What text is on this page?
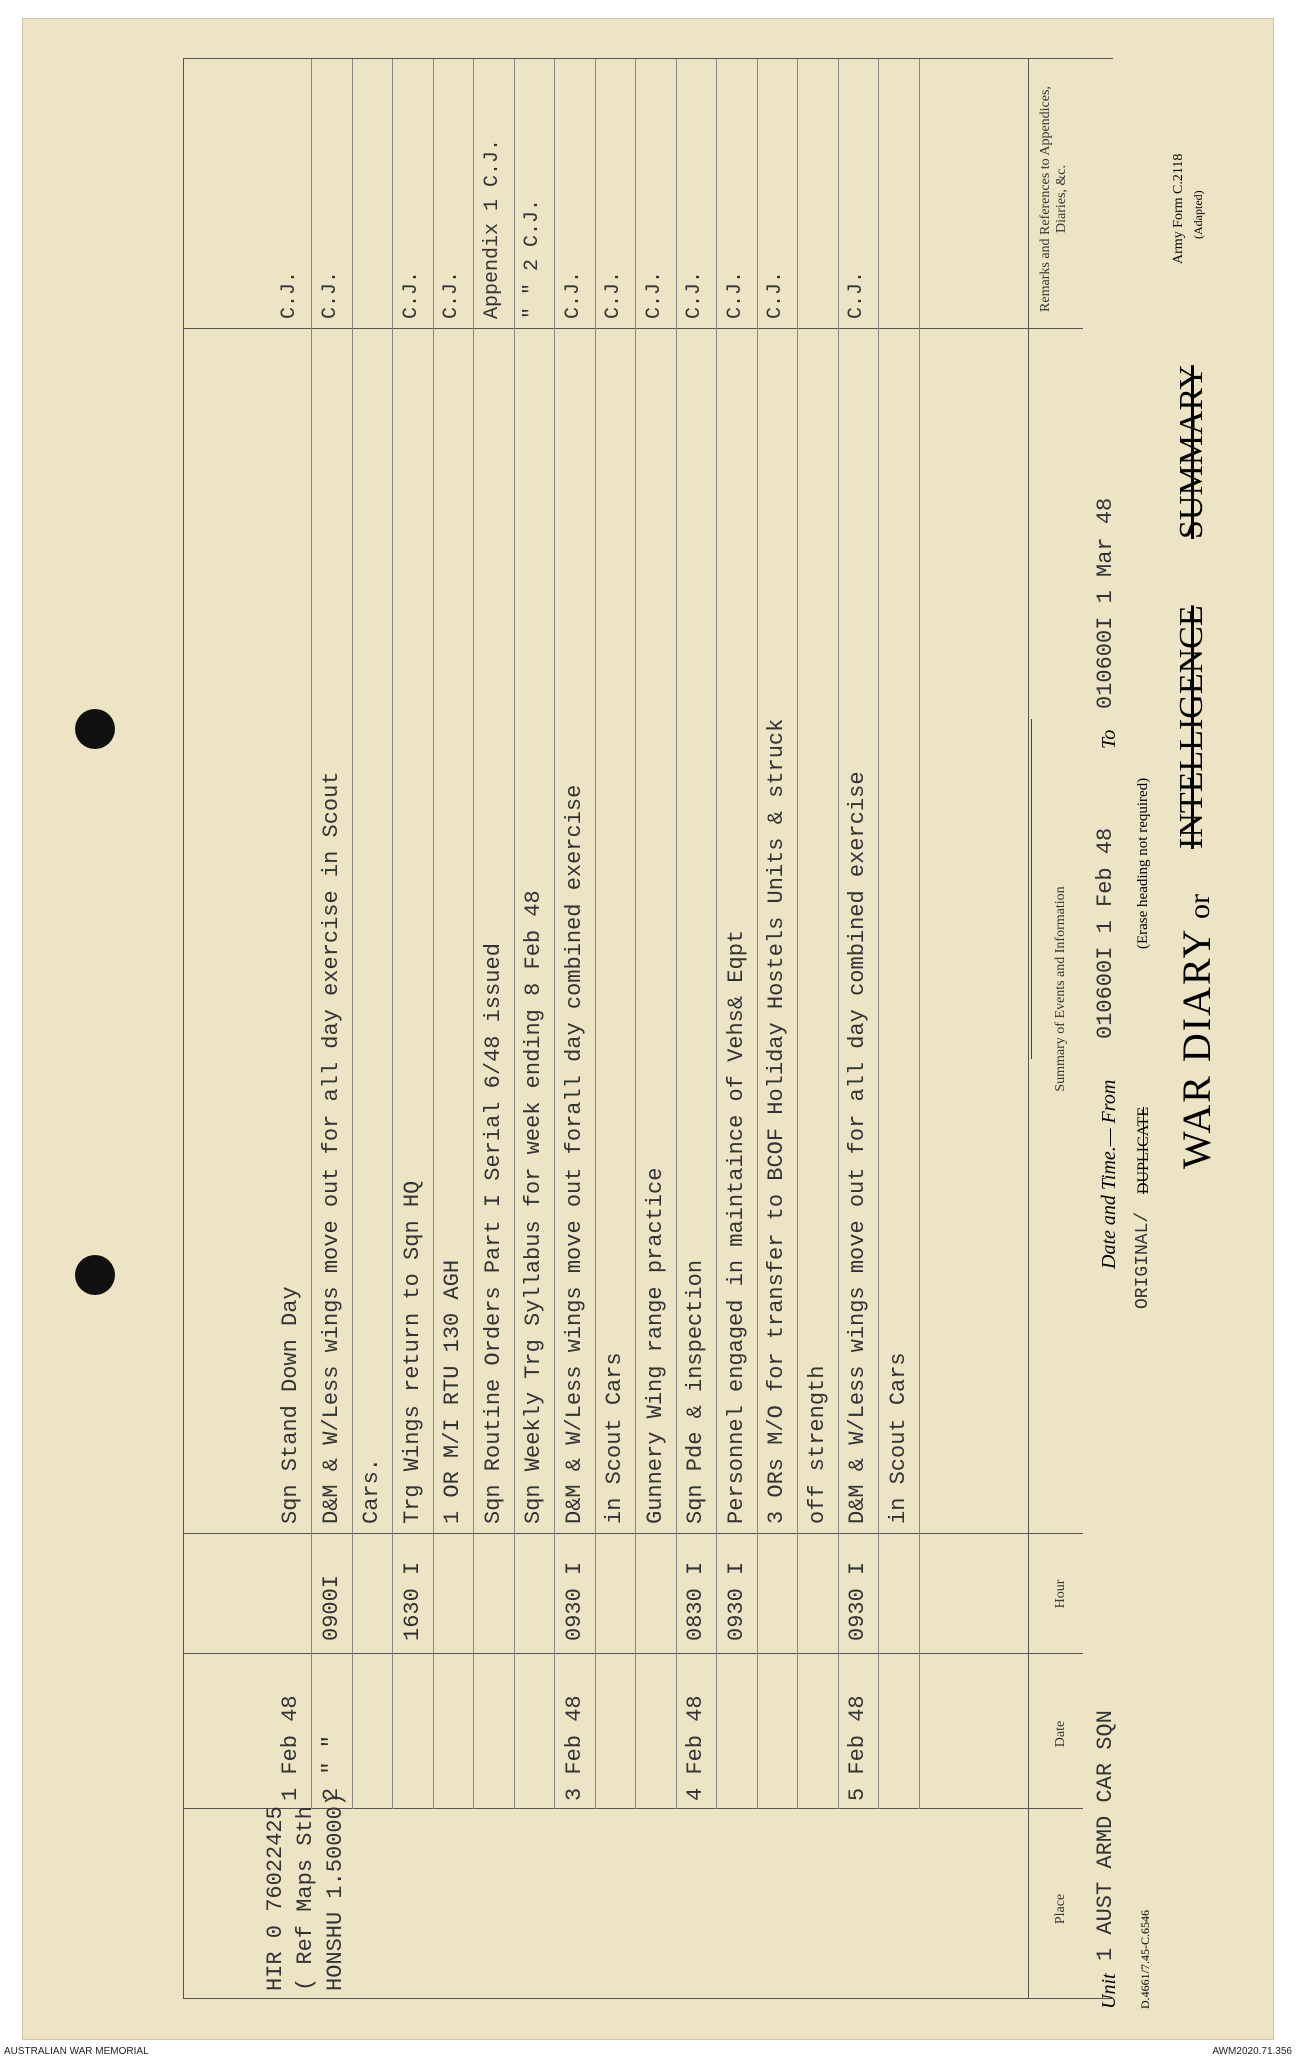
D.4661/7.45-C.6546
Army Form C.2118 (Adapted)
WAR DIARY
or
INTELLIGENCE
SUMMARY
(Erase heading not required)
ORIGINAL/
DUPLICATE
Unit
1 AUST ARMD CAR SQN
Date and Time.— From
010600I 1 Feb 48
To
010600I 1 Mar 48
Place
Date
Hour
Summary of Events and Information
Remarks and References to Appendices, Diaries, &c.
HIR 0 76022425 ( Ref Maps Sth HONSHU 1.50000)
1 Feb 48
Sqn Stand Down Day
C.J.
2 " "
0900I
D&M & W/Less wings move out for all day exercise in Scout
C.J.
Cars.
1630 I
Trg Wings return to Sqn HQ
C.J.
1 OR M/I RTU 130 AGH
C.J.
Sqn Routine Orders Part I Serial 6/48 issued
Appendix 1 C.J.
Sqn Weekly Trg Syllabus for week ending 8 Feb 48
" " 2 C.J.
3 Feb 48
0930 I
D&M & W/Less wings move out forall day combined exercise
C.J.
in Scout Cars
C.J.
Gunnery Wing range practice
C.J.
4 Feb 48
0830 I
Sqn Pde & inspection
C.J.
0930 I
Personnel engaged in maintaince of Vehs& Eqpt
C.J.
3 ORs M/O for transfer to BCOF Holiday Hostels Units & struck
C.J.
off strength
5 Feb 48
0930 I
D&M & W/Less wings move out for all day combined exercise
C.J.
in Scout Cars
AUSTRALIAN WAR MEMORIAL	AWM2020.71.356
